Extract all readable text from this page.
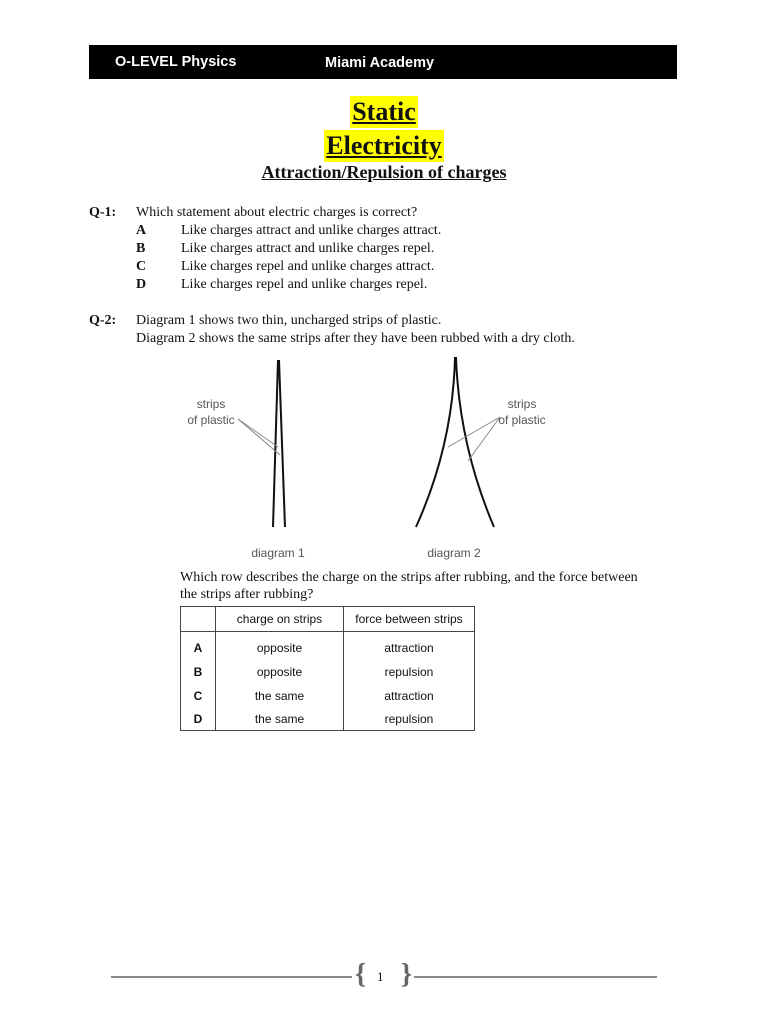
O-LEVEL Physics	Miami Academy
Static
Electricity
Attraction/Repulsion of charges
Q-1: Which statement about electric charges is correct?
A Like charges attract and unlike charges attract.
B	Like charges attract and unlike charges repel.
C Like charges repel and unlike charges attract.
D Like charges repel and unlike charges repel.
Q-2: Diagram 1 shows two thin, uncharged strips of plastic.
Diagram 2 shows the same strips after they have been rubbed with a dry cloth.
strips
of plastic
strips
of plastic
diagram 1	diagram 2
Which row describes the charge on the strips after rubbing, and the force between
the strips after rubbing?
	charge on strips	force between strips
A	opposite	attraction
B	opposite	repulsion
C	the same	attraction
D	the same	repulsion
{ 1 }
